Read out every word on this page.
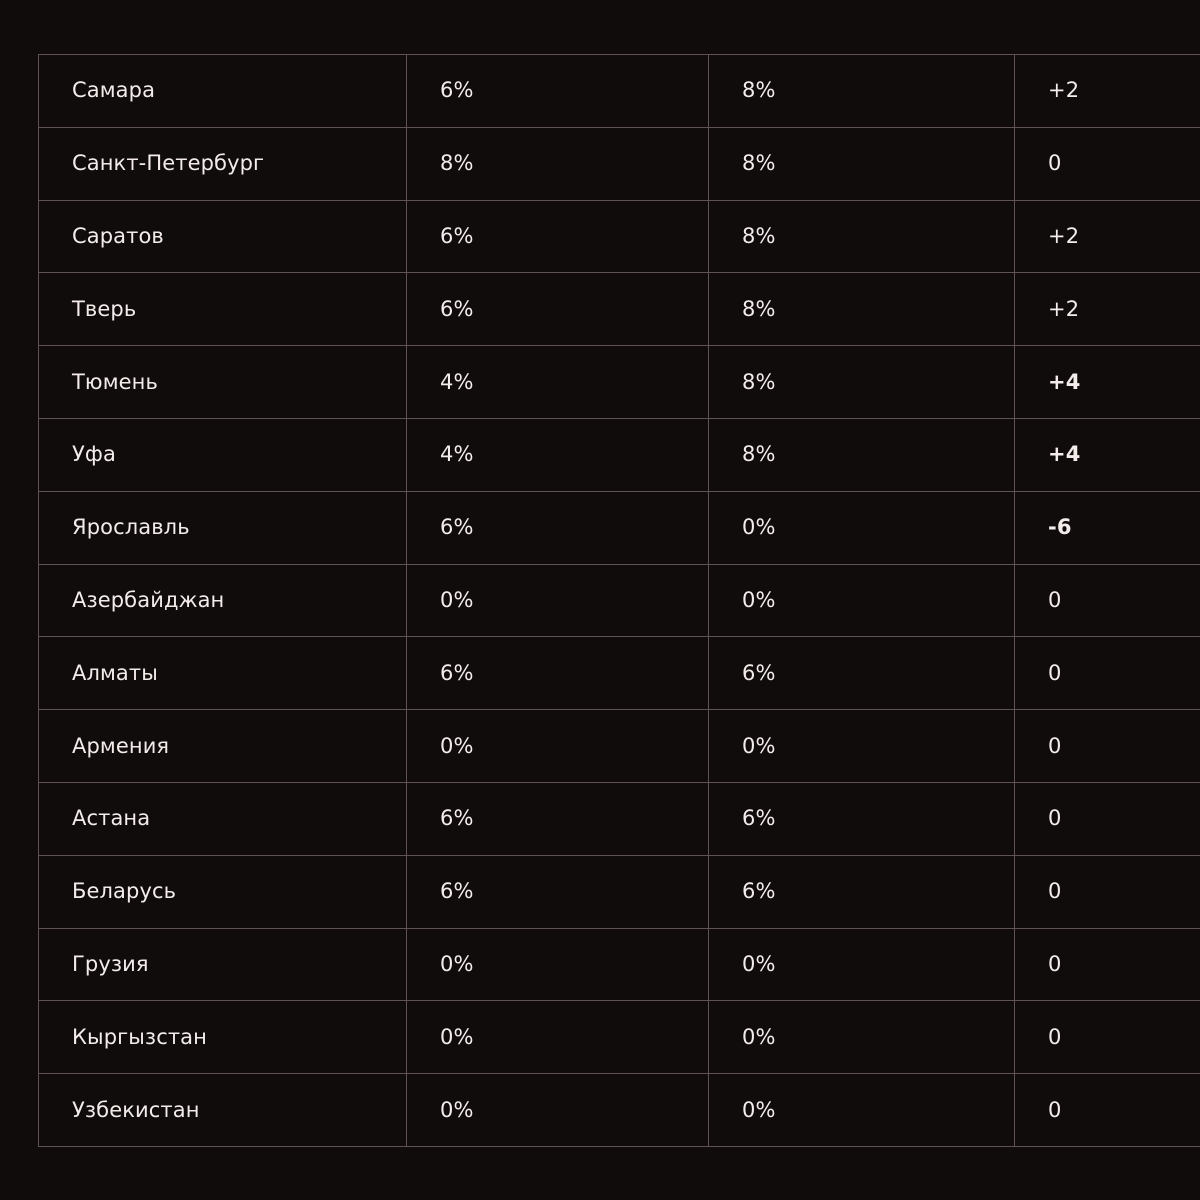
Самара	6%	8%	+2
Санкт-Петербург	8%	8%	0
Саратов	6%	8%	+2
Тверь	6%	8%	+2
Тюмень	4%	8%	+4
Уфа	4%	8%	+4
Ярославль	6%	0%	-6
Азербайджан	0%	0%	0
Алматы	6%	6%	0
Армения	0%	0%	0
Астана	6%	6%	0
Беларусь	6%	6%	0
Грузия	0%	0%	0
Кыргызстан	0%	0%	0
Узбекистан	0%	0%	0
